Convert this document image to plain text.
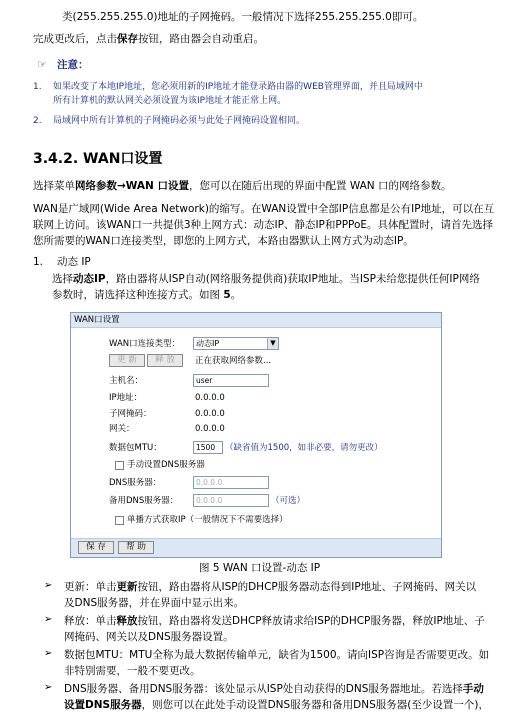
类(255.255.255.0)地址的子网掩码。一般情况下选择255.255.255.0即可。
完成更改后，点击保存按钮，路由器会自动重启。
☞ 注意：
1. 如果改变了本地IP地址，您必须用新的IP地址才能登录路由器的WEB管理界面，并且局域网中
所有计算机的默认网关必须设置为该IP地址才能正常上网。
2. 局域网中所有计算机的子网掩码必须与此处子网掩码设置相同。
3.4.2. WAN口设置
选择菜单网络参数→WAN 口设置，您可以在随后出现的界面中配置 WAN 口的网络参数。
WAN是广域网(Wide Area Network)的缩写。在WAN设置中全部IP信息都是公有IP地址，可以在互
联网上访问。该WAN口一共提供3种上网方式：动态IP、静态IP和PPPoE。具体配置时，请首先选择
您所需要的WAN口连接类型，即您的上网方式，本路由器默认上网方式为动态IP。
1. 动态 IP
选择动态IP，路由器将从ISP自动(网络服务提供商)获取IP地址。当ISP未给您提供任何IP网络
参数时，请选择这种连接方式。如图 5。
WAN口设置
WAN口连接类型：	动态IP	▼
更 新	释 放	正在获取网络参数...
主机名：	user
IP地址：	0.0.0.0
子网掩码：	0.0.0.0
网关：	0.0.0.0
数据包MTU：	1500	（缺省值为1500，如非必要，请勿更改）
手动设置DNS服务器
DNS服务器：	0.0.0.0
备用DNS服务器：	0.0.0.0	（可选）
单播方式获取IP（一般情况下不需要选择）
保 存	帮 助
图 5 WAN 口设置-动态 IP
➢ 更新：单击更新按钮，路由器将从ISP的DHCP服务器动态得到IP地址、子网掩码、网关以
及DNS服务器，并在界面中显示出来。
➢ 释放：单击释放按钮，路由器将发送DHCP释放请求给ISP的DHCP服务器，释放IP地址、子
网掩码、网关以及DNS服务器设置。
➢ 数据包MTU：MTU全称为最大数据传输单元，缺省为1500。请向ISP咨询是否需要更改。如
非特别需要，一般不要更改。
➢ DNS服务器、备用DNS服务器：该处显示从ISP处自动获得的DNS服务器地址。若选择手动
设置DNS服务器，则您可以在此处手动设置DNS服务器和备用DNS服务器(至少设置一个)，
